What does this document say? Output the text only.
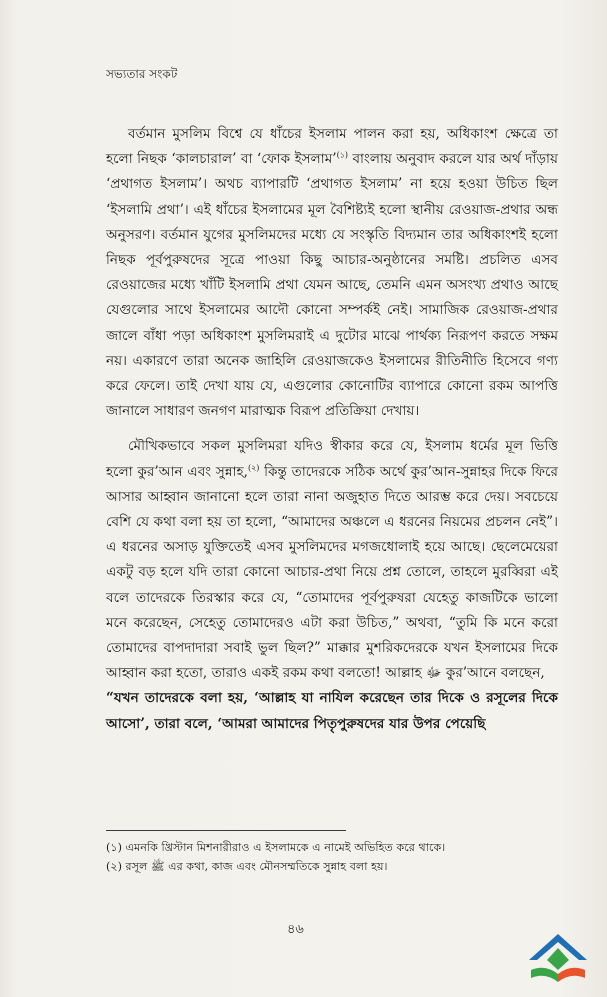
সভ্যতার সংকট

বর্তমান মুসলিম বিশ্বে যে ধাঁচের ইসলাম পালন করা হয়, অধিকাংশ ক্ষেত্রে তা হলো নিছক ‘কালচারাল’ বা ‘ফোক ইসলাম’$^{(১)}$ বাংলায় অনুবাদ করলে যার অর্থ দাঁড়ায় ‘প্রথাগত ইসলাম’। অথচ ব্যাপারটি ‘প্রথাগত ইসলাম’ না হয়ে হওয়া উচিত ছিল ‘ইসলামি প্রথা’। এই ধাঁচের ইসলামের মূল বৈশিষ্ট্যই হলো স্থানীয় রেওয়াজ-প্রথার অন্ধ অনুসরণ। বর্তমান যুগের মুসলিমদের মধ্যে যে সংস্কৃতি বিদ্যমান তার অধিকাংশই হলো নিছক পূর্বপুরুষদের সূত্রে পাওয়া কিছু আচার-অনুষ্ঠানের সমষ্টি। প্রচলিত এসব রেওয়াজের মধ্যে খাঁটি ইসলামি প্রথা যেমন আছে, তেমনি এমন অসংখ্য প্রথাও আছে যেগুলোর সাথে ইসলামের আদৌ কোনো সম্পর্কই নেই। সামাজিক রেওয়াজ-প্রথার জালে বাঁধা পড়া অধিকাংশ মুসলিমরাই এ দুটোর মাঝে পার্থক্য নিরূপণ করতে সক্ষম নয়। একারণে তারা অনেক জাহিলি রেওয়াজকেও ইসলামের রীতিনীতি হিসেবে গণ্য করে ফেলে। তাই দেখা যায় যে, এগুলোর কোনোটির ব্যাপারে কোনো রকম আপত্তি জানালে সাধারণ জনগণ মারাত্মক বিরূপ প্রতিক্রিয়া দেখায়।

মৌখিকভাবে সকল মুসলিমরা যদিও স্বীকার করে যে, ইসলাম ধর্মের মূল ভিত্তি হলো কুর’আন এবং সুন্নাহ,$^{(২)}$ কিন্তু তাদেরকে সঠিক অর্থে কুর’আন-সুন্নাহর দিকে ফিরে আসার আহ্বান জানানো হলে তারা নানা অজুহাত দিতে আরম্ভ করে দেয়। সবচেয়ে বেশি যে কথা বলা হয় তা হলো, “আমাদের অঞ্চলে এ ধরনের নিয়মের প্রচলন নেই”। এ ধরনের অসাড় যুক্তিতেই এসব মুসলিমদের মগজধোলাই হয়ে আছে। ছেলেমেয়েরা একটু বড় হলে যদি তারা কোনো আচার-প্রথা নিয়ে প্রশ্ন তোলে, তাহলে মুরব্বিরা এই বলে তাদেরকে তিরস্কার করে যে, “তোমাদের পূর্বপুরুষরা যেহেতু কাজটিকে ভালো মনে করেছেন, সেহেতু তোমাদেরও এটা করা উচিত,” অথবা, “তুমি কি মনে করো তোমাদের বাপদাদারা সবাই ভুল ছিল?” মাক্কার মুশরিকদেরকে যখন ইসলামের দিকে আহ্বান করা হতো, তারাও একই রকম কথা বলতো! আল্লাহ ﷻ কুর’আনে বলছেন,

“যখন তাদেরকে বলা হয়, ‘আল্লাহ যা নাযিল করেছেন তার দিকে ও রসূলের দিকে আসো’, তারা বলে, ‘আমরা আমাদের পিতৃপুরুষদের যার উপর পেয়েছি

(১) এমনকি খ্রিস্টান মিশনারীরাও এ ইসলামকে এ নামেই অভিহিত করে থাকে।

(২) রসূল ﷺ এর কথা, কাজ এবং মৌনসম্মতিকে সুন্নাহ বলা হয়।

৪৬
